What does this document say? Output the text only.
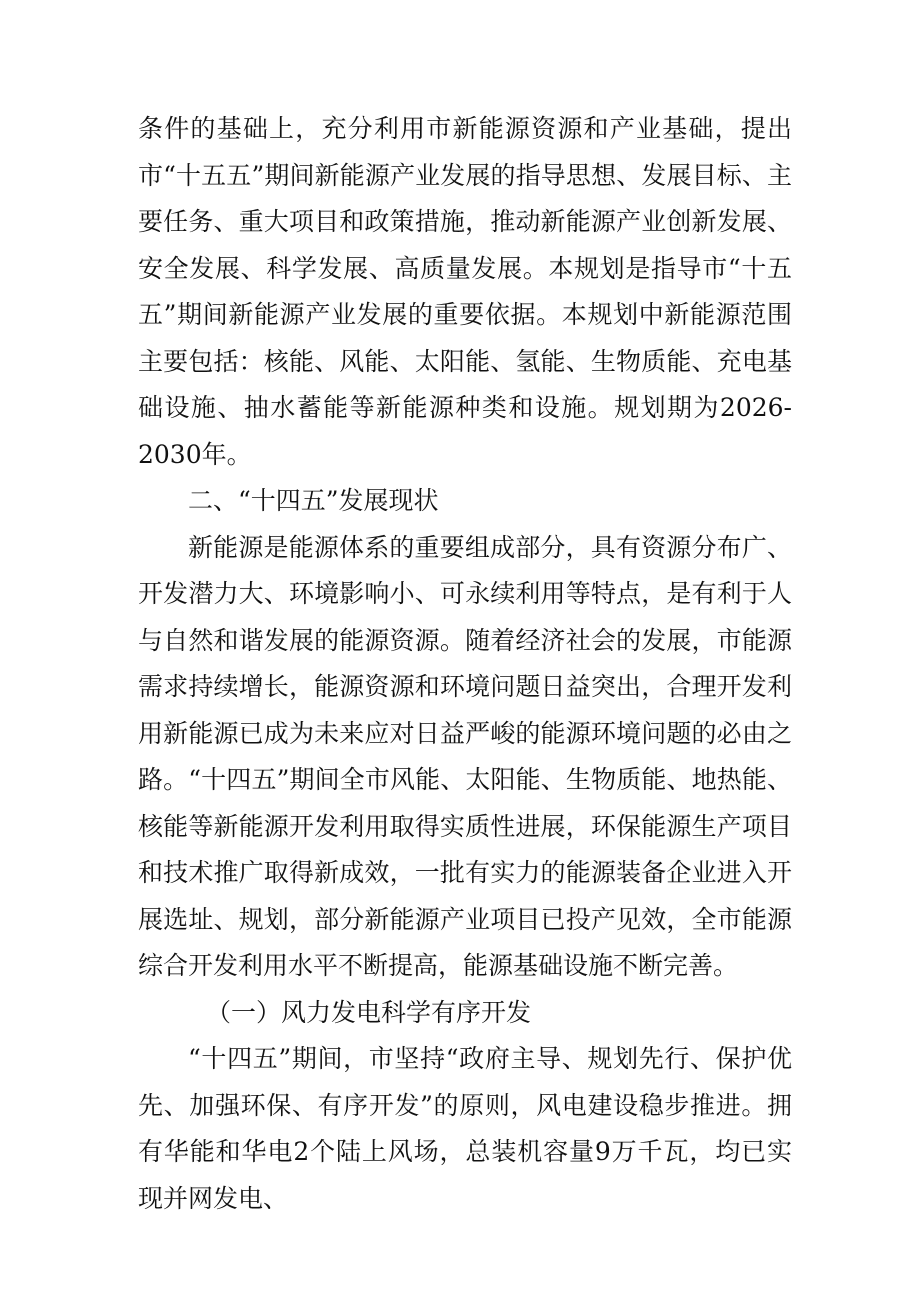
条件的基础上，充分利用市新能源资源和产业基础，提出市“十五五”期间新能源产业发展的指导思想、发展目标、主要任务、重大项目和政策措施，推动新能源产业创新发展、安全发展、科学发展、高质量发展。本规划是指导市“十五五”期间新能源产业发展的重要依据。本规划中新能源范围主要包括：核能、风能、太阳能、氢能、生物质能、充电基础设施、抽水蓄能等新能源种类和设施。规划期为2026-2030年。

二、“十四五”发展现状

新能源是能源体系的重要组成部分，具有资源分布广、开发潜力大、环境影响小、可永续利用等特点，是有利于人与自然和谐发展的能源资源。随着经济社会的发展，市能源需求持续增长，能源资源和环境问题日益突出，合理开发利用新能源已成为未来应对日益严峻的能源环境问题的必由之路。“十四五”期间全市风能、太阳能、生物质能、地热能、核能等新能源开发利用取得实质性进展，环保能源生产项目和技术推广取得新成效，一批有实力的能源装备企业进入开展选址、规划，部分新能源产业项目已投产见效，全市能源综合开发利用水平不断提高，能源基础设施不断完善。

（一）风力发电科学有序开发

“十四五”期间，市坚持“政府主导、规划先行、保护优先、加强环保、有序开发”的原则，风电建设稳步推进。拥有华能和华电2个陆上风场，总装机容量9万千瓦，均已实现并网发电、
